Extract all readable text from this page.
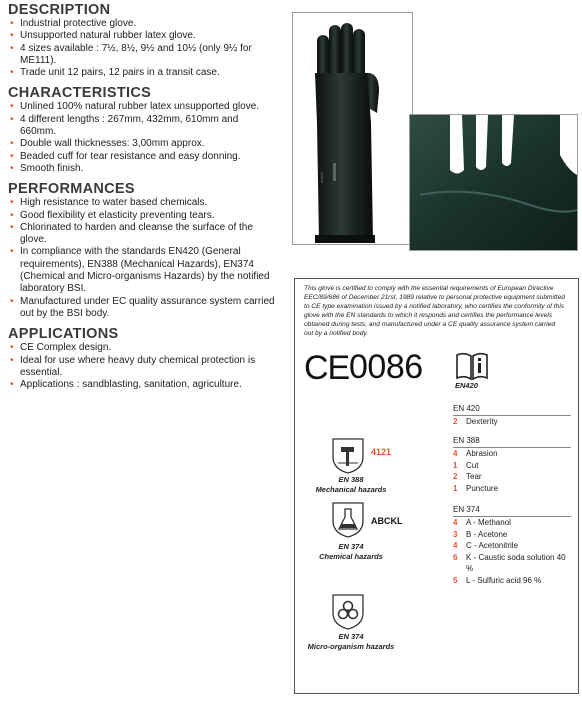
DESCRIPTION
• Industrial protective glove.
• Unsupported natural rubber latex glove.
• 4 sizes available : 7½, 8½, 9½ and 10½ (only 9½ for ME111).
• Trade unit 12 pairs, 12 pairs in a transit case.
CHARACTERISTICS
• Unlined 100% natural rubber latex unsupported glove.
• 4 different lengths : 267mm, 432mm, 610mm and 660mm.
• Double wall thicknesses: 3,00mm approx.
• Beaded cuff for tear resistance and easy donning.
• Smooth finish.
PERFORMANCES
• High resistance to water based chemicals.
• Good flexibility et elasticity preventing tears.
• Chlorinated to harden and cleanse the surface of the glove.
• In compliance with the standards EN420 (General requirements), EN388 (Mechanical Hazards), EN374 (Chemical and Micro-organisms Hazards) by the notified laboratory BSI.
• Manufactured under EC quality assurance system carried out by the BSI body.
APPLICATIONS
• CE Complex design.
• Ideal for use where heavy duty chemical protection is essential.
• Applications : sandblasting, sanitation, agriculture.
ansell
This glove is certified to comply with the essential requirements of European Directive EEC/89/686 of December 21rst, 1989 relative to personal protective equipment submitted to CE type examination issued by a notified laboratory, who certifies the conformity of this glove with the EN standards to which it responds and certifies the performance levels obtained during tests, and manufactured under a CE quality assurance system carried out by a notified body.
CE 0086	EN420
4121
EN 388
Mechanical hazards
ABCKL
EN 374
Chemical hazards
EN 374
Micro-organism hazards
EN 420
2	Dexterity
EN 388
4	Abrasion
1	Cut
2	Tear
1	Puncture
EN 374
4	A - Methanol
3	B - Acetone
4	C - Acetonitrile
6	K - Caustic soda solution 40 %
5	L - Sulfuric acid 96 %
